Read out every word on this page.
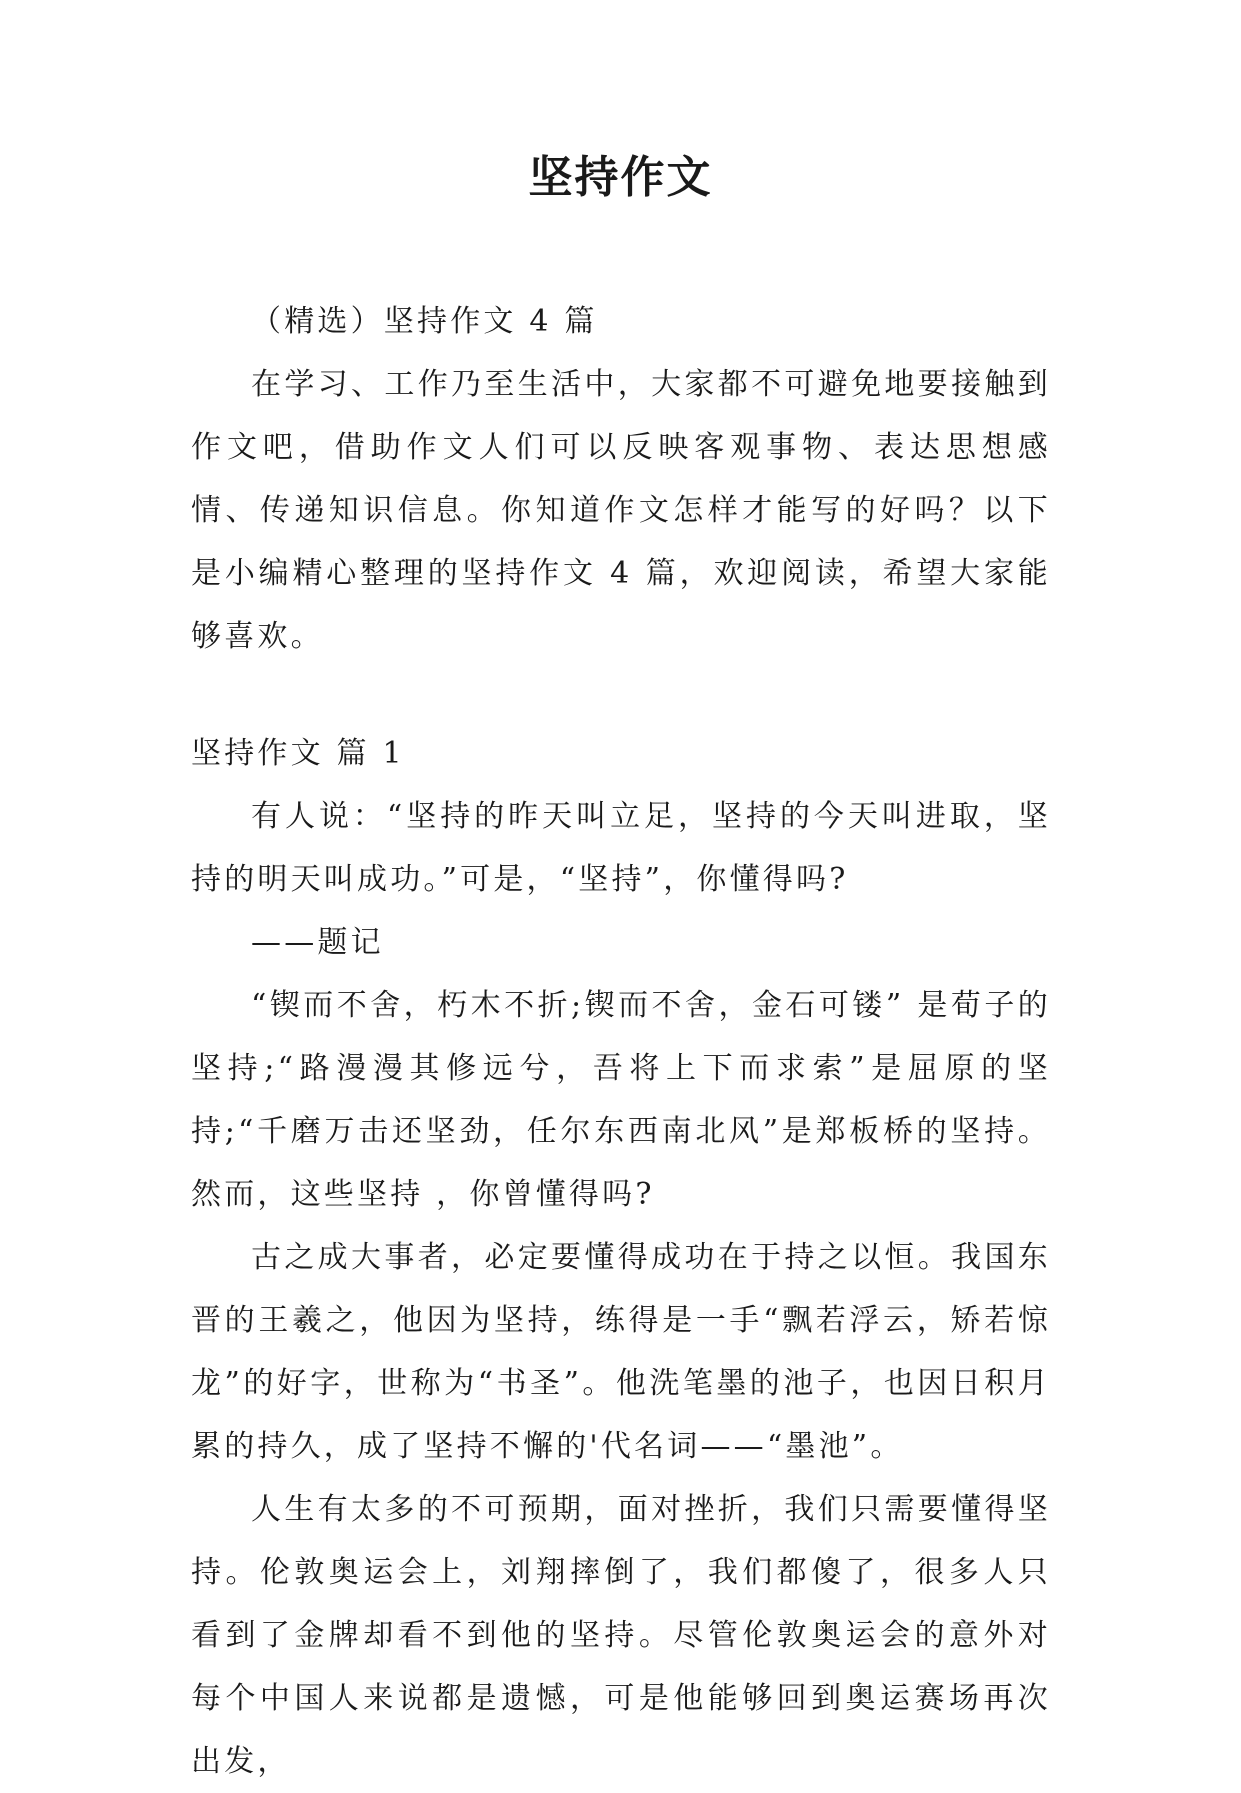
坚持作文

（精选）坚持作文 4 篇

在学习、工作乃至生活中，大家都不可避免地要接触到作文吧，借助作文人们可以反映客观事物、表达思想感情、传递知识信息。你知道作文怎样才能写的好吗？以下是小编精心整理的坚持作文 4 篇，欢迎阅读，希望大家能够喜欢。

坚持作文 篇 1

有人说：“坚持的昨天叫立足，坚持的今天叫进取，坚持的明天叫成功。”可是，“坚持”，你懂得吗?

——题记

“锲而不舍，朽木不折;锲而不舍，金石可镂” 是荀子的坚持;“路漫漫其修远兮，吾将上下而求索”是屈原的坚持;“千磨万击还坚劲，任尔东西南北风”是郑板桥的坚持。然而，这些坚持 ，你曾懂得吗?

古之成大事者，必定要懂得成功在于持之以恒。我国东晋的王羲之，他因为坚持，练得是一手“飘若浮云，矫若惊龙”的好字，世称为“书圣”。他洗笔墨的池子，也因日积月累的持久，成了坚持不懈的'代名词——“墨池”。

人生有太多的不可预期，面对挫折，我们只需要懂得坚持。伦敦奥运会上，刘翔摔倒了，我们都傻了，很多人只看到了金牌却看不到他的坚持。尽管伦敦奥运会的意外对每个中国人来说都是遗憾，可是他能够回到奥运赛场再次出发，
